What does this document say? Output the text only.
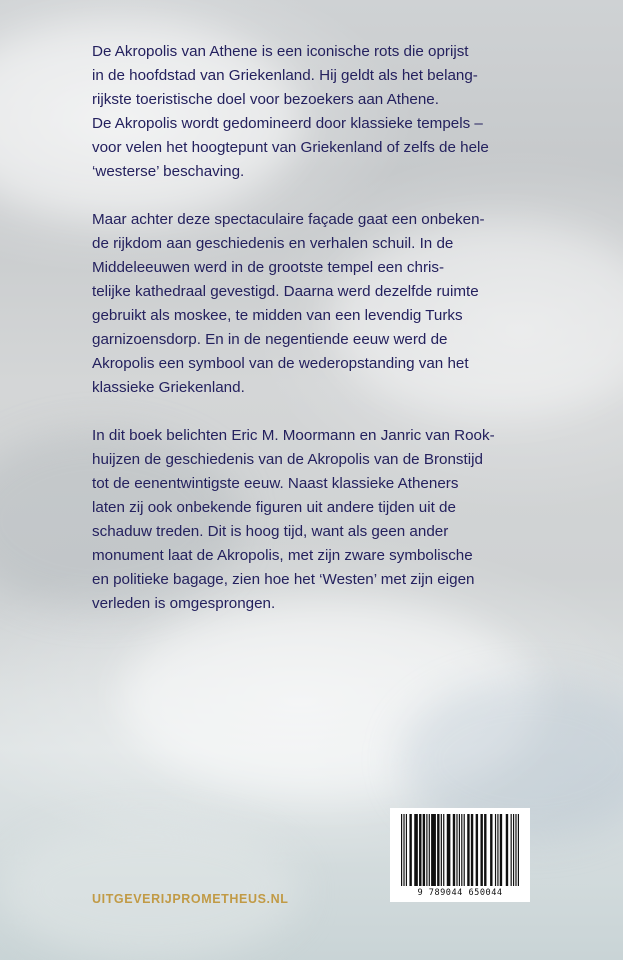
De Akropolis van Athene is een iconische rots die oprijst
in de hoofdstad van Griekenland. Hij geldt als het belang-
rijkste toeristische doel voor bezoekers aan Athene.
De Akropolis wordt gedomineerd door klassieke tempels –
voor velen het hoogtepunt van Griekenland of zelfs de hele
‘westerse’ beschaving.

Maar achter deze spectaculaire façade gaat een onbeken-
de rijkdom aan geschiedenis en verhalen schuil. In de
Middeleeuwen werd in de grootste tempel een chris-
telijke kathedraal gevestigd. Daarna werd dezelfde ruimte
gebruikt als moskee, te midden van een levendig Turks
garnizoensdorp. En in de negentiende eeuw werd de
Akropolis een symbool van de wederopstanding van het
klassieke Griekenland.

In dit boek belichten Eric M. Moormann en Janric van Rook-
huijzen de geschiedenis van de Akropolis van de Bronstijd
tot de eenentwintigste eeuw. Naast klassieke Atheners
laten zij ook onbekende figuren uit andere tijden uit de
schaduw treden. Dit is hoog tijd, want als geen ander
monument laat de Akropolis, met zijn zware symbolische
en politieke bagage, zien hoe het ‘Westen’ met zijn eigen
verleden is omgesprongen.

9 789044 650044
UITGEVERIJPROMETHEUS.NL
